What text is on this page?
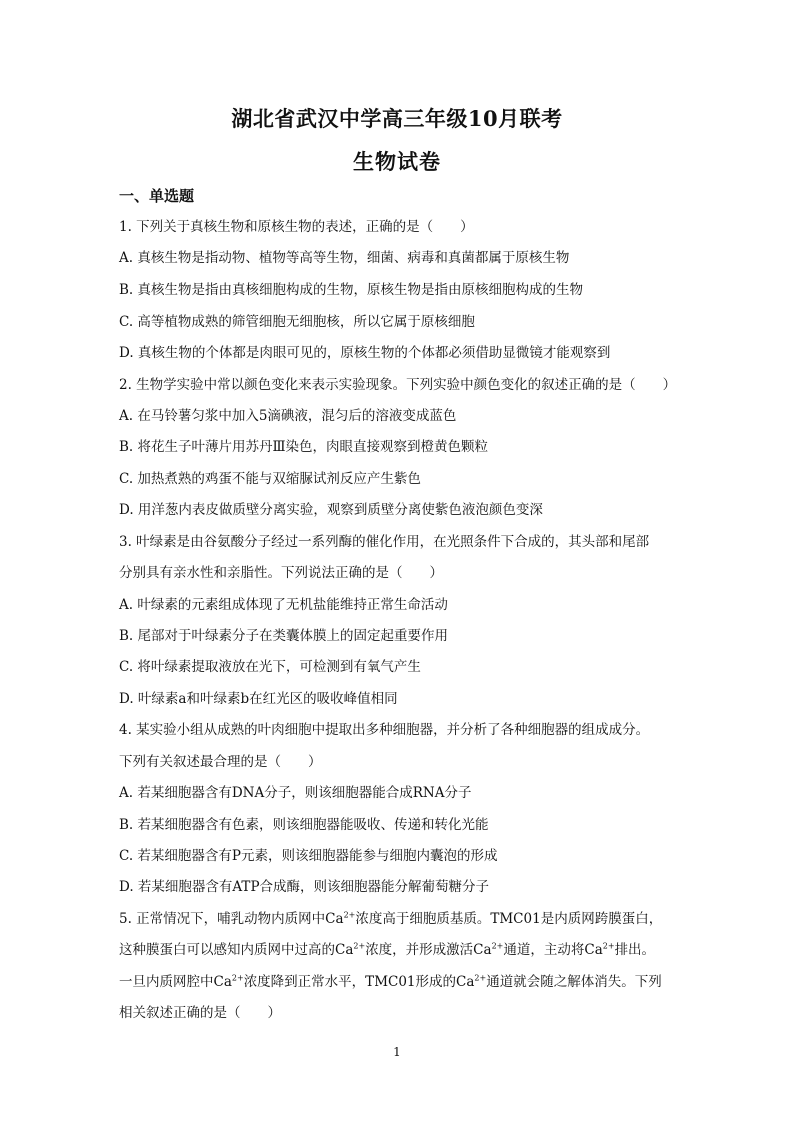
湖北省武汉中学高三年级10月联考
生物试卷
一、单选题
1. 下列关于真核生物和原核生物的表述，正确的是（　　）
A. 真核生物是指动物、植物等高等生物，细菌、病毒和真菌都属于原核生物
B. 真核生物是指由真核细胞构成的生物，原核生物是指由原核细胞构成的生物
C. 高等植物成熟的筛管细胞无细胞核，所以它属于原核细胞
D. 真核生物的个体都是肉眼可见的，原核生物的个体都必须借助显微镜才能观察到
2. 生物学实验中常以颜色变化来表示实验现象。下列实验中颜色变化的叙述正确的是（　　）
A. 在马铃薯匀浆中加入5滴碘液，混匀后的溶液变成蓝色
B. 将花生子叶薄片用苏丹Ⅲ染色，肉眼直接观察到橙黄色颗粒
C. 加热煮熟的鸡蛋不能与双缩脲试剂反应产生紫色
D. 用洋葱内表皮做质壁分离实验，观察到质壁分离使紫色液泡颜色变深
3. 叶绿素是由谷氨酸分子经过一系列酶的催化作用，在光照条件下合成的，其头部和尾部
分别具有亲水性和亲脂性。下列说法正确的是（　　）
A. 叶绿素的元素组成体现了无机盐能维持正常生命活动
B. 尾部对于叶绿素分子在类囊体膜上的固定起重要作用
C. 将叶绿素提取液放在光下，可检测到有氧气产生
D. 叶绿素a和叶绿素b在红光区的吸收峰值相同
4. 某实验小组从成熟的叶肉细胞中提取出多种细胞器，并分析了各种细胞器的组成成分。
下列有关叙述最合理的是（　　）
A. 若某细胞器含有DNA分子，则该细胞器能合成RNA分子
B. 若某细胞器含有色素，则该细胞器能吸收、传递和转化光能
C. 若某细胞器含有P元素，则该细胞器能参与细胞内囊泡的形成
D. 若某细胞器含有ATP合成酶，则该细胞器能分解葡萄糖分子
5. 正常情况下，哺乳动物内质网中$Ca^{2+}$浓度高于细胞质基质。TMC01是内质网跨膜蛋白，
这种膜蛋白可以感知内质网中过高的$Ca^{2+}$浓度，并形成激活$Ca^{2+}$通道，主动将$Ca^{2+}$排出。
一旦内质网腔中$Ca^{2+}$浓度降到正常水平，TMC01形成的$Ca^{2+}$通道就会随之解体消失。下列
相关叙述正确的是（　　）
1
